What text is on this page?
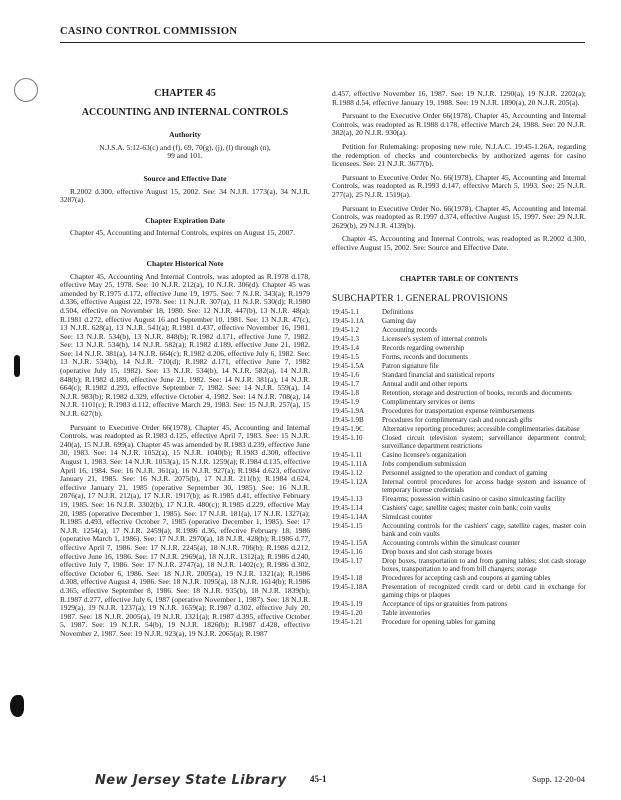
CASINO CONTROL COMMISSION
CHAPTER 45
ACCOUNTING AND INTERNAL CONTROLS
Authority
N.J.S.A. 5:12-63(c) and (f), 69, 70(g), (j), (l) through (n), 99 and 101.
Source and Effective Date
R.2002 d.300, effective August 15, 2002. See: 34 N.J.R. 1773(a), 34 N.J.R. 3287(a).
Chapter Expiration Date
Chapter 45, Accounting and Internal Controls, expires on August 15, 2007.
Chapter Historical Note
Chapter 45, Accounting And Internal Controls, was adopted as R.1978 d.178, effective May 25, 1978. See: 10 N.J.R. 212(a), 10 N.J.R. 306(d). Chapter 45 was amended by R.1975 d.172, effective June 19, 1975. See: 7 N.J.R. 343(a); R.1979 d.336, effective August 22, 1978. See: 11 N.J.R. 307(a), 11 N.J.R. 530(d); R.1980 d.504, effective on November 18, 1980. See: 12 N.J.R. 447(b), 13 N.J.R. 48(a); R.1981 d.272, effective August 16 and September 10, 1981. See: 13 N.J.R. 47(c), 13 N.J.R. 628(a), 13 N.J.R. 541(a); R.1981 d.437, effective November 16, 1981. See: 13 N.J.R. 534(b), 13 N.J.R. 848(b); R.1982 d.171, effective June 7, 1982. See: 13 N.J.R. 534(b), 14 N.J.R. 582(a); R.1982 d.189, effective June 21, 1982. See: 14 N.J.R. 381(a), 14 N.J.R. 664(c); R.1982 d.206, effective July 6, 1982. See: 13 N.J.R. 534(b), 14 N.J.R. 710(d); R.1982 d.171, effective June 7, 1982 (operative July 15, 1982). See: 13 N.J.R. 534(b), 14 N.J.R. 582(a), 14 N.J.R. 848(b); R.1982 d.189, effective June 21, 1982. See: 14 N.J.R. 381(a), 14 N.J.R. 664(c); R.1982 d.293, effective September 7, 1982. See: 14 N.J.R. 559(a), 14 N.J.R. 983(b); R.1982 d.329, effective October 4, 1982. See: 14 N.J.R. 708(a), 14 N.J.R. 1101(c); R.1983 d.112, effective March 29, 1983. See: 15 N.J.R. 257(a), 15 N.J.R. 627(b).
Pursuant to Executive Order 66(1978), Chapter 45, Accounting and Internal Controls, was readopted as R.1983 d.125, effective April 7, 1983. See: 15 N.J.R. 240(a), 15 N.J.R. 699(a). Chapter 45 was amended by R.1983 d.239, effective June 30, 1983. See: 14 N.J.R. 1052(a), 15 N.J.R. 1040(b); R.1983 d.300, effective August 1, 1983. See: 14 N.J.R. 1053(a), 15 N.J.R. 1259(a); R.1984 d.135, effective April 16, 1984. See: 16 N.J.R. 361(a), 16 N.J.R. 927(a); R.1984 d.623, effective January 21, 1985. See: 16 N.J.R. 2075(b), 17 N.J.R. 211(b); R.1984 d.624, effective January 21, 1985 (operative September 30, 1985). See: 16 N.J.R. 2076(a), 17 N.J.R. 212(a), 17 N.J.R. 1917(b); as R.1985 d.41, effective February 19, 1985. See: 16 N.J.R. 3302(b), 17 N.J.R. 480(c); R.1985 d.229, effective May 20, 1985 (operative December 1, 1985). See: 17 N.J.R. 181(a), 17 N.J.R. 1327(a); R.1985 d.493, effective October 7, 1985 (operative December 1, 1985). See: 17 N.J.R. 1254(a), 17 N.J.R. 2459(a); R.1986 d.36, effective February 18, 1986 (operative March 1, 1986). See: 17 N.J.R. 2970(a), 18 N.J.R. 428(b); R.1986 d.77, effective April 7, 1986. See: 17 N.J.R. 2245(a), 18 N.J.R. 706(b); R.1986 d.212, effective June 16, 1986. See: 17 N.J.R. 2969(a), 18 N.J.R. 1312(a); R.1986 d.240, effective July 7, 1986. See: 17 N.J.R. 2747(a), 18 N.J.R. 1402(c); R.1986 d.302, effective October 6, 1986. See: 18 N.J.R. 2005(a), 19 N.J.R. 1321(a); R.1986 d.308, effective August 4, 1986. See: 18 N.J.R. 1095(a), 18 N.J.R. 1614(b); R.1986 d.365, effective September 8, 1986. See: 18 N.J.R. 935(b), 18 N.J.R. 1839(b); R.1987 d.277, effective July 6, 1987 (operative November 1, 1987). See: 18 N.J.R. 1929(a), 19 N.J.R. 1237(a), 19 N.J.R. 1659(a); R.1987 d.302, effective July 20, 1987. See: 18 N.J.R. 2005(a), 19 N.J.R. 1321(a); R.1987 d.395, effective October 5, 1987. See: 19 N.J.R. 54(b), 19 N.J.R. 1826(b); R.1987 d.428, effective November 2, 1987. See: 19 N.J.R. 923(a), 19 N.J.R. 2065(a); R.1987
d.457, effective November 16, 1987. See: 19 N.J.R. 1290(a), 19 N.J.R. 2202(a); R.1988 d.54, effective January 19, 1988. See: 19 N.J.R. 1890(a), 20 N.J.R. 205(a).
Pursuant to the Executive Order 66(1978), Chapter 45, Accounting and Internal Controls, was readopted as R.1988 d.178, effective March 24, 1988. See: 20 N.J.R. 382(a), 20 N.J.R. 930(a).
Petition for Rulemaking: proposing new rule, N.J.A.C. 19:45-1.26A, regarding the redemption of checks and counterchecks by authorized agents for casino licensees. See: 21 N.J.R. 3677(b).
Pursuant to Executive Order No. 66(1978), Chapter 45, Accounting and Internal Controls, was readopted as R.1993 d.147, effective March 5, 1993. See: 25 N.J.R. 277(a), 25 N.J.R. 1519(a).
Pursuant to Executive Order No. 66(1978), Chapter 45, Accounting and Internal Controls, was readopted as R.1997 d.374, effective August 15, 1997. See: 29 N.J.R. 2629(b), 29 N.J.R. 4139(b).
Chapter 45, Accounting and Internal Controls, was readopted as R.2002 d.300, effective August 15, 2002. See: Source and Effective Date.
CHAPTER TABLE OF CONTENTS
SUBCHAPTER 1. GENERAL PROVISIONS
19:45-1.1	Definitions
19:45-1.1A	Gaming day
19:45-1.2	Accounting records
19:45-1.3	Licensee's system of internal controls
19:45-1.4	Records regarding ownership
19:45-1.5	Forms, records and documents
19:45-1.5A	Patron signature file
19:45-1.6	Standard financial and statistical reports
19:45-1.7	Annual audit and other reports
19:45-1.8	Retention, storage and destruction of books, records and documents
19:45-1.9	Complimentary services or items
19:45-1.9A	Procedures for transportation expense reimbursements
19:45-1.9B	Procedures for complimentary cash and noncash gifts
19:45-1.9C	Alternative reporting procedures; accessible complimentaries database
19:45-1.10	Closed circuit television system; surveillance department control; surveillance department restrictions
19:45-1.11	Casino licensee's organization
19:45-1.11A	Jobs compendium submission
19:45-1.12	Personnel assigned to the operation and conduct of gaming
19:45-1.12A	Internal control procedures for access badge system and issuance of temporary license credentials
19:45-1.13	Firearms; possession within casino or casino simulcasting facility
19:45-1.14	Cashiers' cage; satellite cages; master coin bank; coin vaults
19:45-1.14A	Simulcast counter
19:45-1.15	Accounting controls for the cashiers' cage, satellite cages, master coin bank and coin vaults
19:45-1.15A	Accounting controls within the simulcast counter
19:45-1.16	Drop boxes and slot cash storage boxes
19:45-1.17	Drop boxes, transportation to and from gaming tables; slot cash storage boxes, transportation to and from bill changers; storage
19:45-1.18	Procedures for accepting cash and coupons at gaming tables
19:45-1.18A	Presentation of recognized credit card or debit card in exchange for gaming chips or plaques
19:45-1.19	Acceptance of tips or gratuities from patrons
19:45-1.20	Table inventories
19:45-1.21	Procedure for opening tables for gaming
New Jersey State Library	45-1	Supp. 12-20-04
